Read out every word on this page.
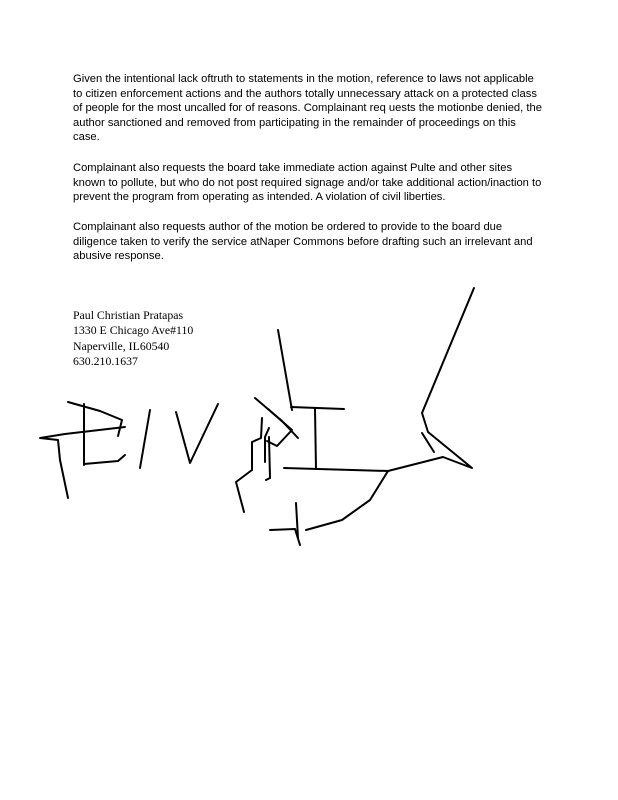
Given the intentional lack oftruth to statements in the motion, reference to laws not applicable to citizen enforcement actions and the authors totally unnecessary attack on a protected class of people for the most uncalled for of reasons. Complainant req uests the motionbe denied, the author sanctioned and removed from participating in the remainder of proceedings on this case.

Complainant also requests the board take immediate action against Pulte and other sites known to pollute, but who do not post required signage and/or take additional action/inaction to prevent the program from operating as intended. A violation of civil liberties.

Complainant also requests author of the motion be ordered to provide to the board due diligence taken to verify the service atNaper Commons before drafting such an irrelevant and abusive response.

Paul Christian Pratapas
1330 E Chicago Ave#110
Naperville, IL60540
630.210.1637
